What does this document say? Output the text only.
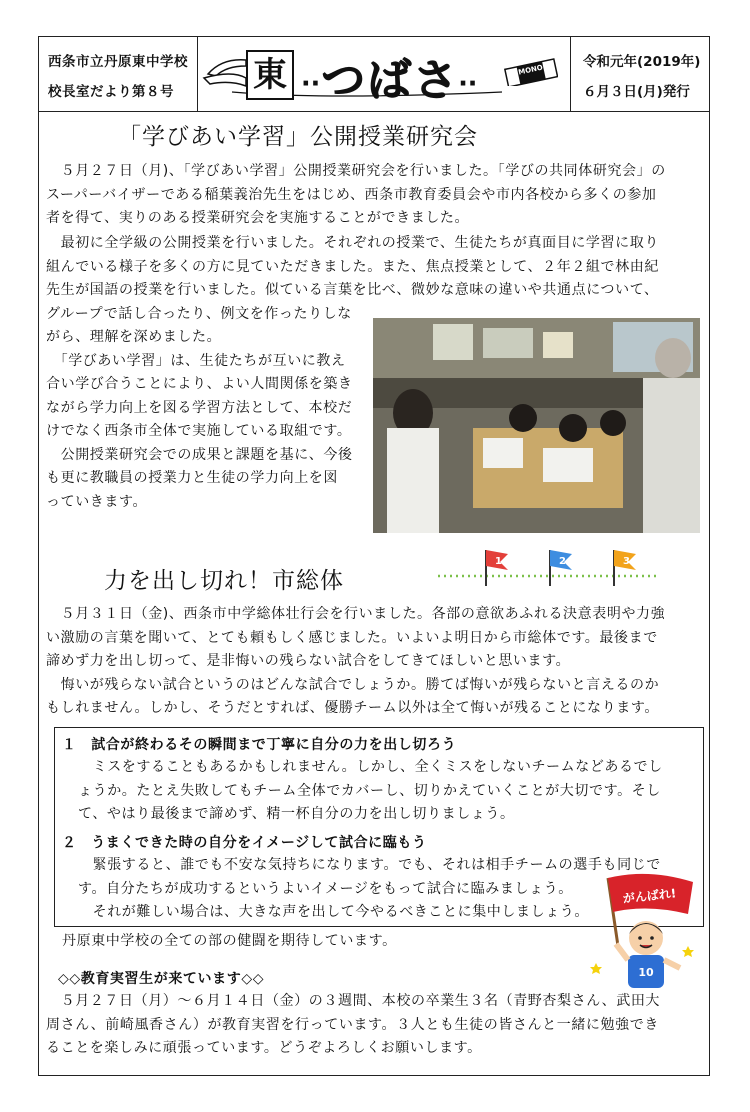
西条市立丹原東中学校
校長室だより第８号 東 ··つばさ··
MONO
令和元年(2019年)
６月３日(月)発行
「学びあい学習」公開授業研究会
　５月２７日（月)、「学びあい学習」公開授業研究会を行いました。「学びの共同体研究会」の
スーパーバイザーである稲葉義治先生をはじめ、西条市教育委員会や市内各校から多くの参加
者を得て、実りのある授業研究会を実施することができました。
　最初に全学級の公開授業を行いました。それぞれの授業で、生徒たちが真面目に学習に取り
組んでいる様子を多くの方に見ていただきました。また、焦点授業として、２年２組で林由紀
先生が国語の授業を行いました。似ている言葉を比べ、微妙な意味の違いや共通点について、
グループで話し合ったり、例文を作ったりしな
がら、理解を深めました。
　「学びあい学習」は、生徒たちが互いに教え
合い学び合うことにより、よい人間関係を築き
ながら学力向上を図る学習方法として、本校だ
けでなく西条市全体で実施している取組です。
　公開授業研究会での成果と課題を基に、今後
も更に教職員の授業力と生徒の学力向上を図
っていきます。
力を出し切れ！市総体
1	2	3
　５月３１日（金)、西条市中学総体壮行会を行いました。各部の意欲あふれる決意表明や力強
い激励の言葉を聞いて、とても頼もしく感じました。いよいよ明日から市総体です。最後まで
諦めず力を出し切って、是非悔いの残らない試合をしてきてほしいと思います。
　悔いが残らない試合というのはどんな試合でしょうか。勝てば悔いが残らないと言えるのか
もしれません。しかし、そうだとすれば、優勝チーム以外は全て悔いが残ることになります。
１　試合が終わるその瞬間まで丁寧に自分の力を出し切ろう
　ミスをすることもあるかもしれません。しかし、全くミスをしないチームなどあるでし
ょうか。たとえ失敗してもチーム全体でカバーし、切りかえていくことが大切です。そし
て、やはり最後まで諦めず、精一杯自分の力を出し切りましょう。
２　うまくできた時の自分をイメージして試合に臨もう
　緊張すると、誰でも不安な気持ちになります。でも、それは相手チームの選手も同じで
す。自分たちが成功するというよいイメージをもって試合に臨みましょう。
　それが難しい場合は、大きな声を出して今やるべきことに集中しましょう。
丹原東中学校の全ての部の健闘を期待しています。
がんばれ!
10
◇◇教育実習生が来ています◇◇
　５月２７日（月）～６月１４日（金）の３週間、本校の卒業生３名（青野杏梨さん、武田大
周さん、前崎風香さん）が教育実習を行っています。３人とも生徒の皆さんと一緒に勉強でき
ることを楽しみに頑張っています。どうぞよろしくお願いします。
